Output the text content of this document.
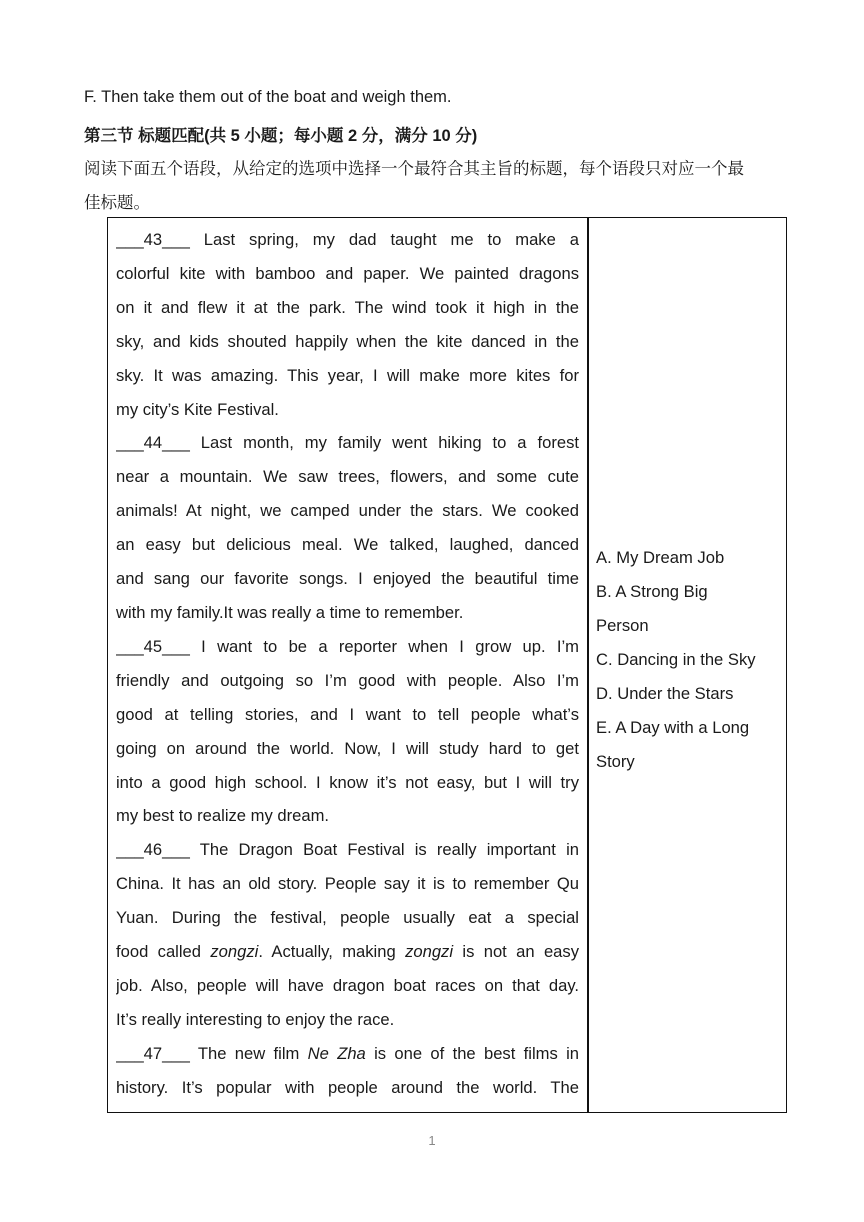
F. Then take them out of the boat and weigh them.
第三节 标题匹配(共 5 小题；每小题 2 分，满分 10 分)
阅读下面五个语段，从给定的选项中选择一个最符合其主旨的标题，每个语段只对应一个最
佳标题。
___43___ Last spring, my dad taught me to make a
colorful kite with bamboo and paper. We painted dragons
on it and flew it at the park. The wind took it high in the
sky, and kids shouted happily when the kite danced in the
sky. It was amazing. This year, I will make more kites for
my city’s Kite Festival.
___44___ Last month, my family went hiking to a forest
near a mountain. We saw trees, flowers, and some cute
animals! At night, we camped under the stars. We cooked
an easy but delicious meal. We talked, laughed, danced
and sang our favorite songs. I enjoyed the beautiful time
with my family.It was really a time to remember.
___45___ I want to be a reporter when I grow up. I’m
friendly and outgoing so I’m good with people. Also I’m
good at telling stories, and I want to tell people what’s
going on around the world. Now, I will study hard to get
into a good high school. I know it’s not easy, but I will try
my best to realize my dream.
___46___ The Dragon Boat Festival is really important in
China. It has an old story. People say it is to remember Qu
Yuan. During the festival, people usually eat a special
food called zongzi. Actually, making zongzi is not an easy
job. Also, people will have dragon boat races on that day.
It’s really interesting to enjoy the race.
___47___ The new film Ne Zha is one of the best films in
history. It’s popular with people around the world. The
A. My Dream Job
B. A Strong Big
Person
C. Dancing in the Sky
D. Under the Stars
E. A Day with a Long
Story
1
